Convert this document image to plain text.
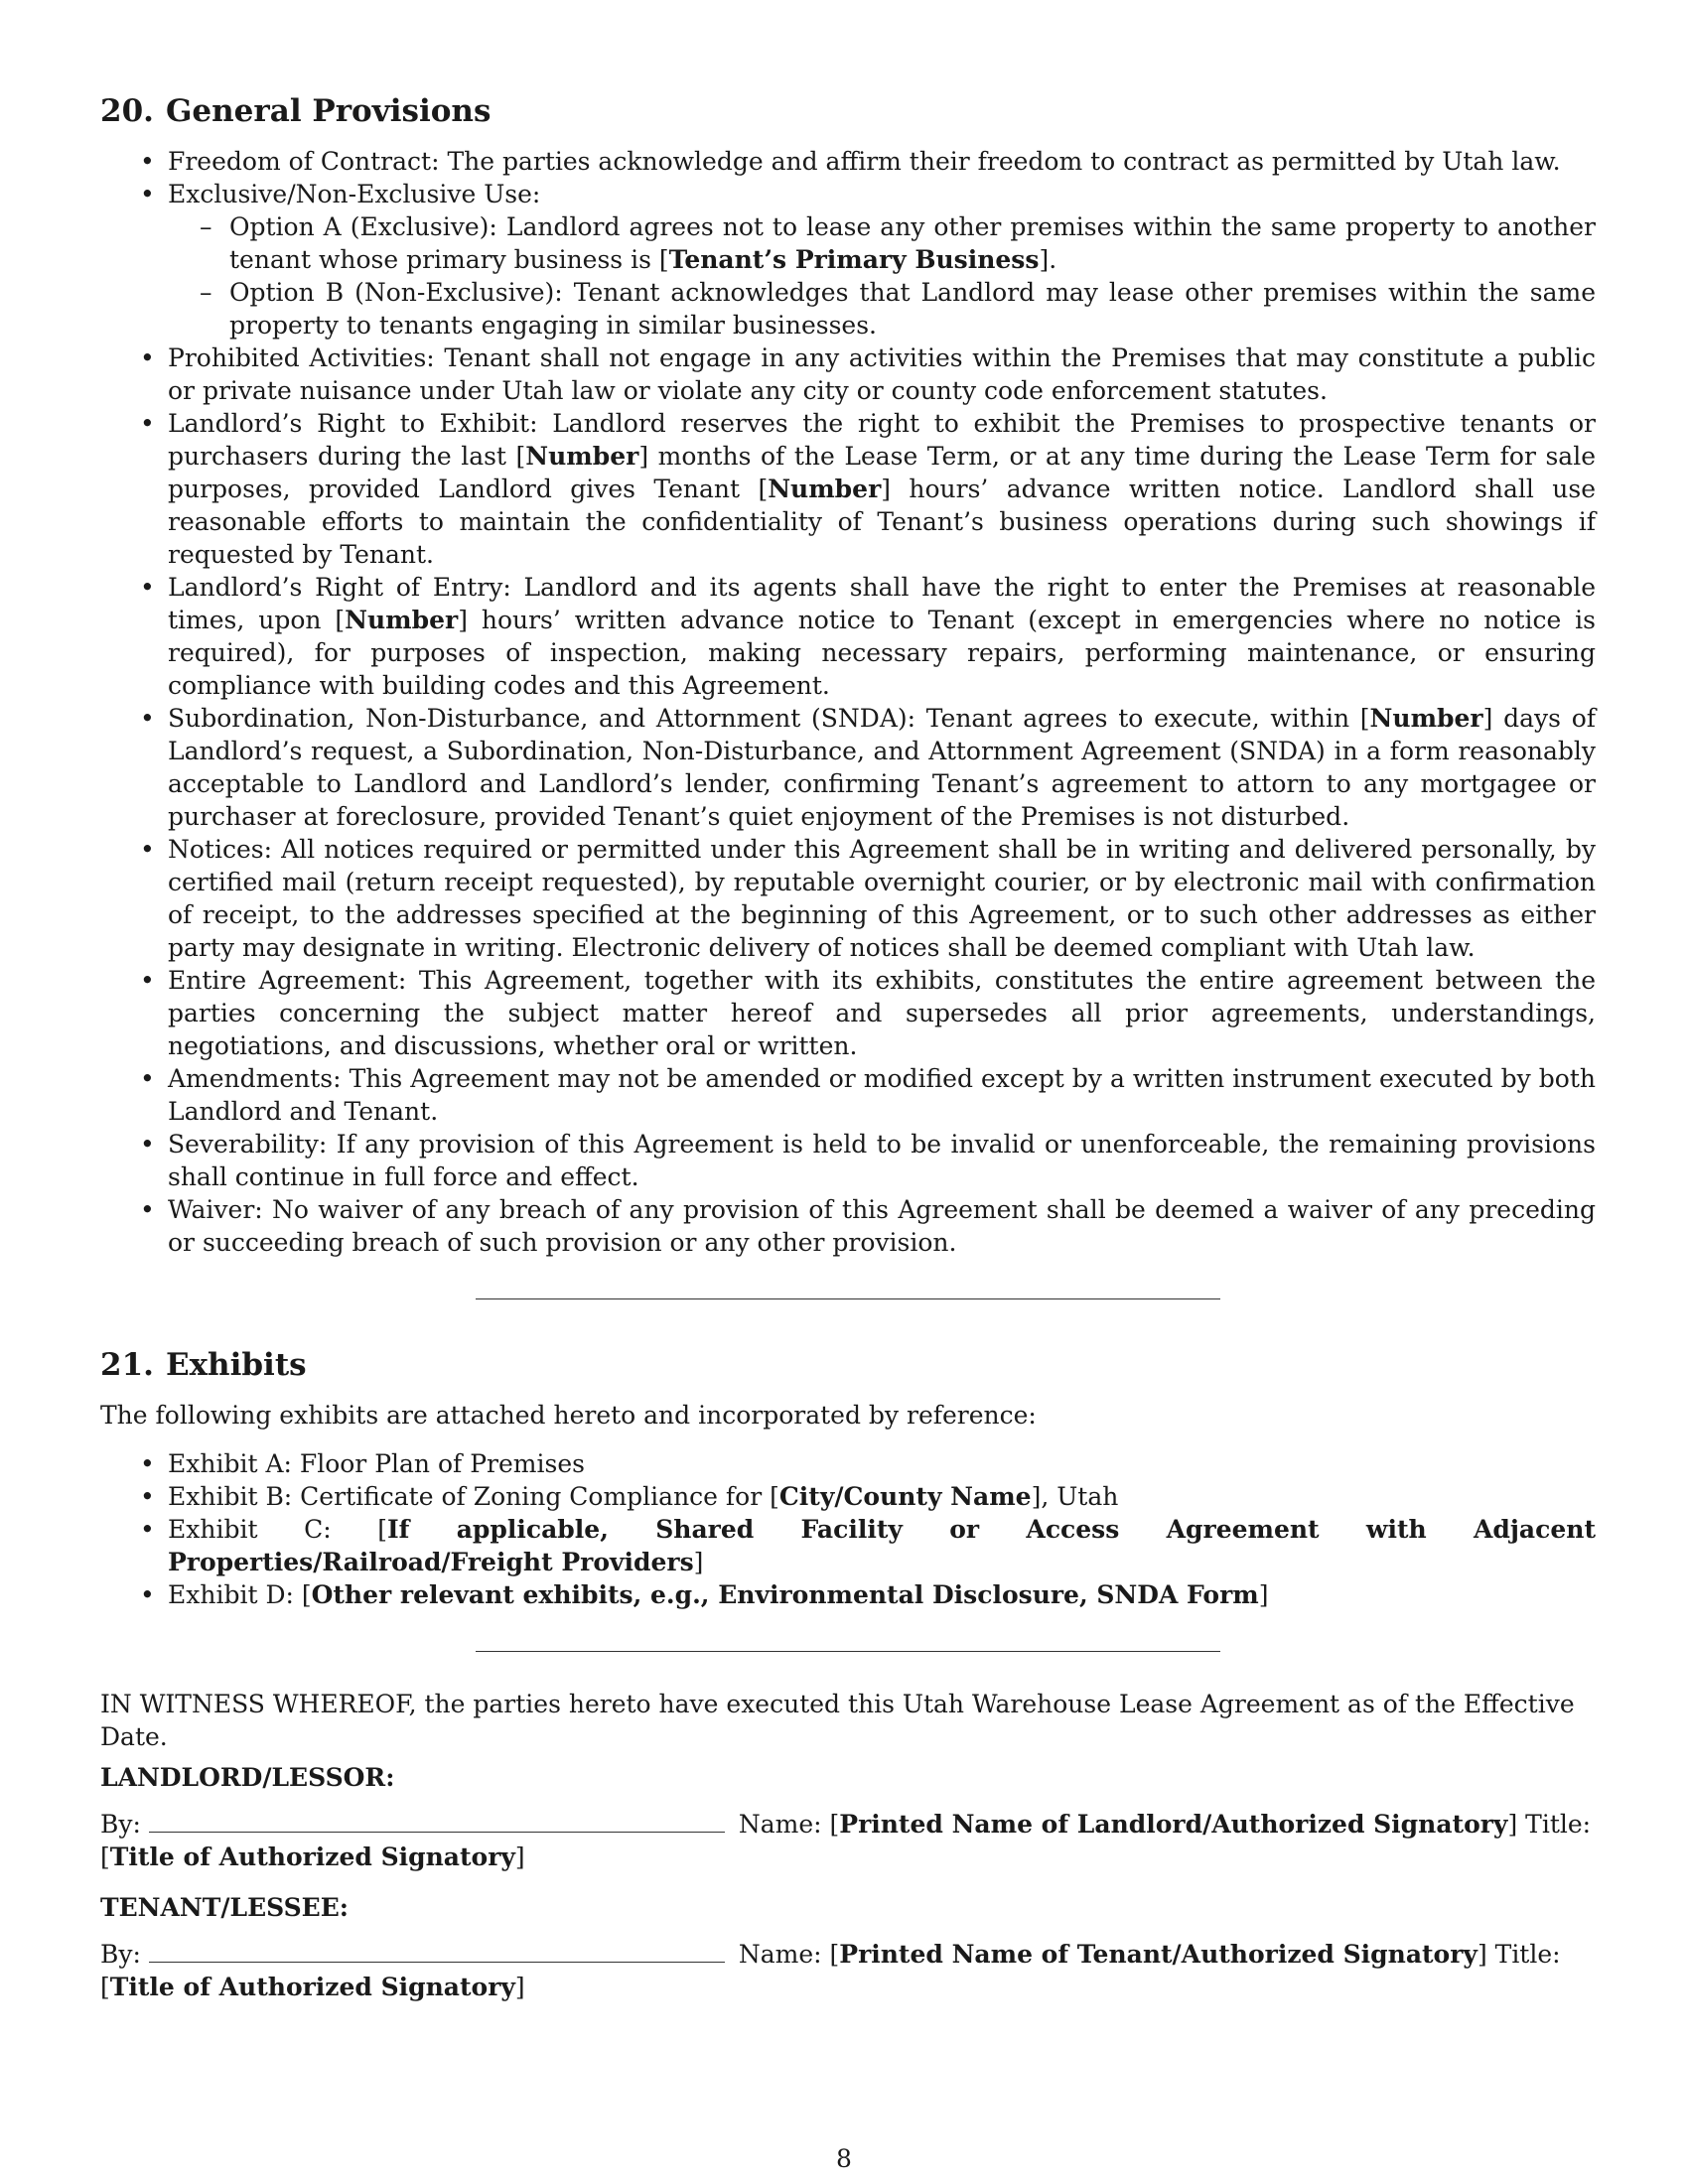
20. General Provisions
• Freedom of Contract: The parties acknowledge and affirm their freedom to contract as permitted by Utah law.
• Exclusive/Non-Exclusive Use:
– Option A (Exclusive): Landlord agrees not to lease any other premises within the same property to another tenant whose primary business is [Tenant’s Primary Business].
– Option B (Non-Exclusive): Tenant acknowledges that Landlord may lease other premises within the same property to tenants engaging in similar businesses.
• Prohibited Activities: Tenant shall not engage in any activities within the Premises that may constitute a public or private nuisance under Utah law or violate any city or county code enforcement statutes.
• Landlord’s Right to Exhibit: Landlord reserves the right to exhibit the Premises to prospective tenants or purchasers during the last [Number] months of the Lease Term, or at any time during the Lease Term for sale purposes, provided Landlord gives Tenant [Number] hours’ advance written notice. Landlord shall use reasonable efforts to maintain the confidentiality of Tenant’s business operations during such showings if requested by Tenant.
• Landlord’s Right of Entry: Landlord and its agents shall have the right to enter the Premises at reasonable times, upon [Number] hours’ written advance notice to Tenant (except in emergencies where no notice is required), for purposes of inspection, making necessary repairs, performing maintenance, or ensuring compliance with building codes and this Agreement.
• Subordination, Non-Disturbance, and Attornment (SNDA): Tenant agrees to execute, within [Number] days of Landlord’s request, a Subordination, Non-Disturbance, and Attornment Agreement (SNDA) in a form reasonably acceptable to Landlord and Landlord’s lender, confirming Tenant’s agreement to attorn to any mortgagee or purchaser at foreclosure, provided Tenant’s quiet enjoyment of the Premises is not disturbed.
• Notices: All notices required or permitted under this Agreement shall be in writing and delivered personally, by certified mail (return receipt requested), by reputable overnight courier, or by electronic mail with confirmation of receipt, to the addresses specified at the beginning of this Agreement, or to such other addresses as either party may designate in writing. Electronic delivery of notices shall be deemed compliant with Utah law.
• Entire Agreement: This Agreement, together with its exhibits, constitutes the entire agreement between the parties concerning the subject matter hereof and supersedes all prior agreements, understandings, negotiations, and discussions, whether oral or written.
• Amendments: This Agreement may not be amended or modified except by a written instrument executed by both Landlord and Tenant.
• Severability: If any provision of this Agreement is held to be invalid or unenforceable, the remaining provisions shall continue in full force and effect.
• Waiver: No waiver of any breach of any provision of this Agreement shall be deemed a waiver of any preceding or succeeding breach of such provision or any other provision.
21. Exhibits

The following exhibits are attached hereto and incorporated by reference:

• Exhibit A: Floor Plan of Premises
• Exhibit B: Certificate of Zoning Compliance for [City/County Name], Utah
• Exhibit C: [If applicable, Shared Facility or Access Agreement with Adjacent Properties/Railroad/Freight Providers]
• Exhibit D: [Other relevant exhibits, e.g., Environmental Disclosure, SNDA Form]

IN WITNESS WHEREOF, the parties hereto have executed this Utah Warehouse Lease Agreement as of the Effective Date.

LANDLORD/LESSOR:

By:	Name: [Printed Name of Landlord/Authorized Signatory] Title: [Title of Authorized Signatory]

TENANT/LESSEE:

By:	Name: [Printed Name of Tenant/Authorized Signatory] Title: [Title of Authorized Signatory]
8
